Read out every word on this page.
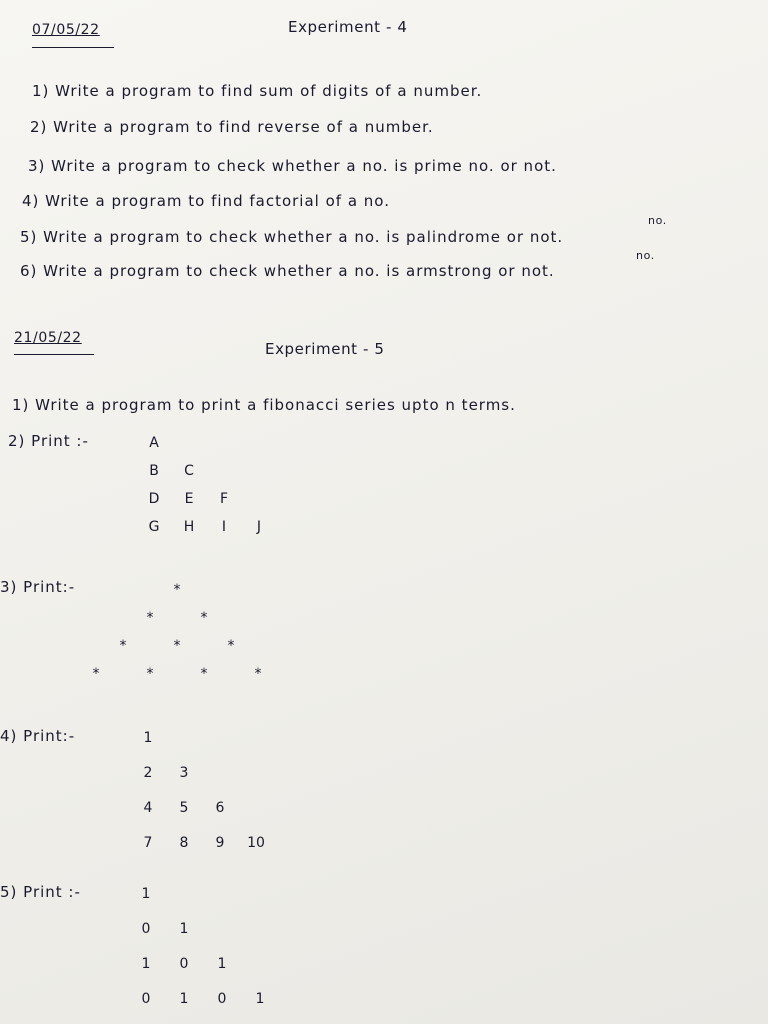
07/05/22	Experiment - 4
1) Write a program to find sum of digits of a number.
2) Write a program to find reverse of a number.
3) Write a program to check whether a no. is prime no. or not.
4) Write a program to find factorial of a no.
no.
5) Write a program to check whether a no. is palindrome or not.
no.
6) Write a program to check whether a no. is armstrong or not.
21/05/22
Experiment - 5
1) Write a program to print a fibonacci series upto n terms.
2) Print :-	A
B	C
D	E	F
G	H	I	J
3) Print:-	*
*	*
*	*	*
*	*	*	*
4) Print:-	1
2	3
4	5	6
7	8	9	10
5) Print :-	1
0	1
1	0	1
0	1	0	1
